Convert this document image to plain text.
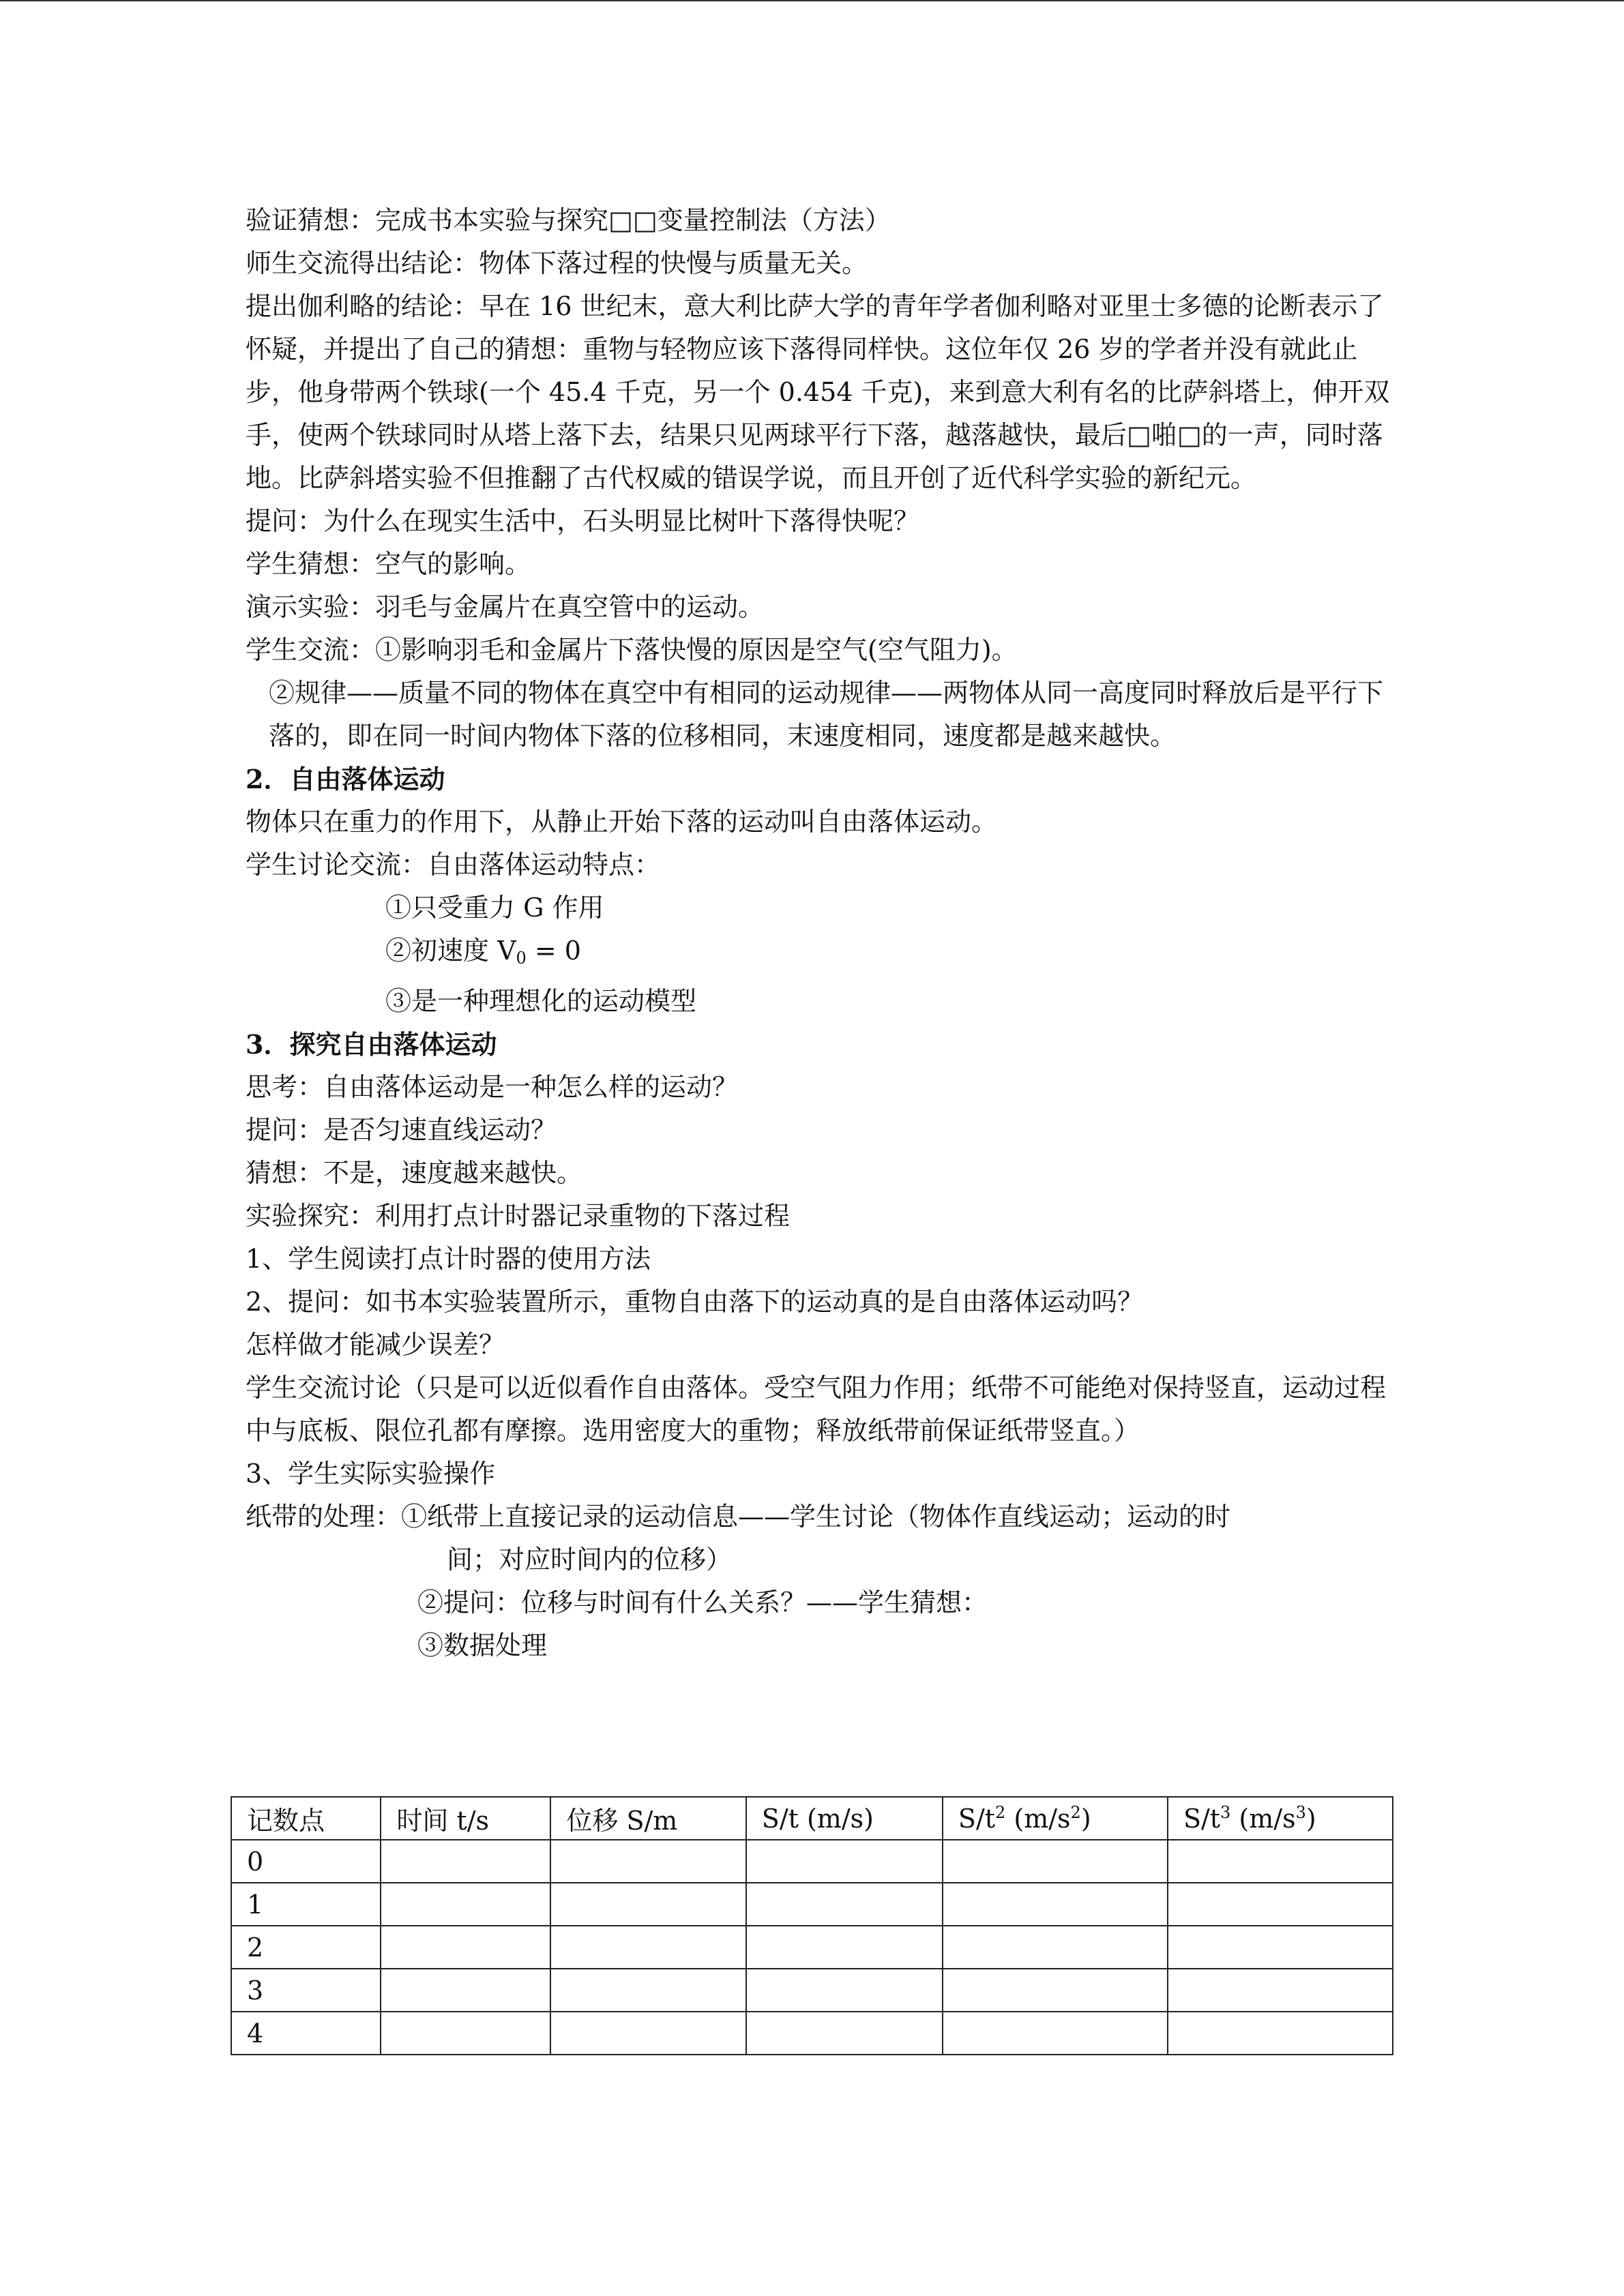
验证猜想：完成书本实验与探究□□变量控制法（方法）

师生交流得出结论：物体下落过程的快慢与质量无关。

提出伽利略的结论：早在 16 世纪末，意大利比萨大学的青年学者伽利略对亚里士多德的论断表示了怀疑，并提出了自己的猜想：重物与轻物应该下落得同样快。这位年仅 26 岁的学者并没有就此止步，他身带两个铁球(一个 45.4 千克，另一个 0.454 千克)，来到意大利有名的比萨斜塔上，伸开双手，使两个铁球同时从塔上落下去，结果只见两球平行下落，越落越快，最后□啪□的一声，同时落地。比萨斜塔实验不但推翻了古代权威的错误学说，而且开创了近代科学实验的新纪元。

提问：为什么在现实生活中，石头明显比树叶下落得快呢？

学生猜想：空气的影响。

演示实验：羽毛与金属片在真空管中的运动。

学生交流：①影响羽毛和金属片下落快慢的原因是空气(空气阻力)。

②规律——质量不同的物体在真空中有相同的运动规律——两物体从同一高度同时释放后是平行下落的，即在同一时间内物体下落的位移相同，末速度相同，速度都是越来越快。

2．自由落体运动

物体只在重力的作用下，从静止开始下落的运动叫自由落体运动。

学生讨论交流：自由落体运动特点：

①只受重力 G 作用

②初速度 $V_0 = 0$

③是一种理想化的运动模型

3．探究自由落体运动

思考：自由落体运动是一种怎么样的运动？

提问：是否匀速直线运动？

猜想：不是，速度越来越快。

实验探究：利用打点计时器记录重物的下落过程

1、学生阅读打点计时器的使用方法

2、提问：如书本实验装置所示，重物自由落下的运动真的是自由落体运动吗？

怎样做才能减少误差？

学生交流讨论（只是可以近似看作自由落体。受空气阻力作用；纸带不可能绝对保持竖直，运动过程中与底板、限位孔都有摩擦。选用密度大的重物；释放纸带前保证纸带竖直。）

3、学生实际实验操作

纸带的处理：①纸带上直接记录的运动信息——学生讨论（物体作直线运动；运动的时

间；对应时间内的位移）

②提问：位移与时间有什么关系？——学生猜想：

③数据处理

记数点	时间 t/s	位移 S/m	S/t (m/s)	$S/t^2$ $(m/s^2)$	$S/t^3$ $(m/s^3)$
0					
1					
2					
3					
4					
